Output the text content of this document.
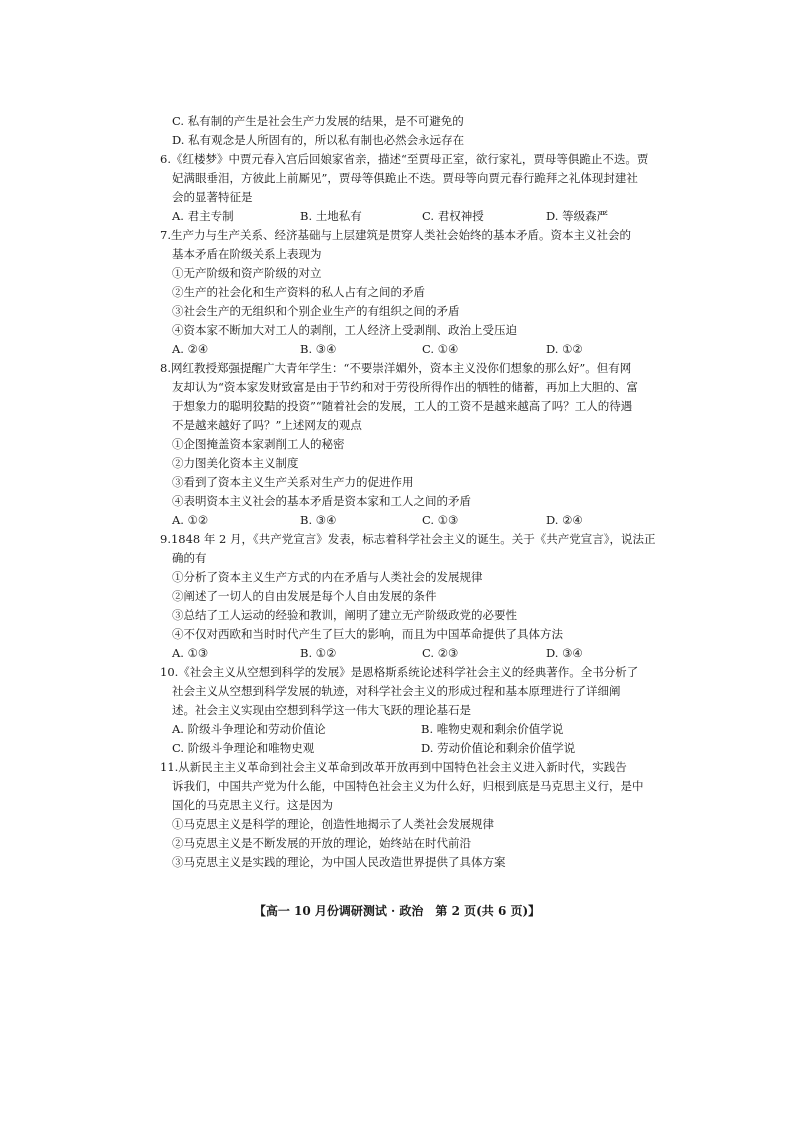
C. 私有制的产生是社会生产力发展的结果，是不可避免的
D. 私有观念是人所固有的，所以私有制也必然会永远存在
6.《红楼梦》中贾元春入宫后回娘家省亲，描述“至贾母正室，欲行家礼，贾母等俱跪止不迭。贾
妃满眼垂泪，方彼此上前厮见”，贾母等俱跪止不迭。贾母等向贾元春行跪拜之礼体现封建社
会的显著特征是
A. 君主专制	B. 土地私有	C. 君权神授	D. 等级森严
7.生产力与生产关系、经济基础与上层建筑是贯穿人类社会始终的基本矛盾。资本主义社会的
基本矛盾在阶级关系上表现为
①无产阶级和资产阶级的对立
②生产的社会化和生产资料的私人占有之间的矛盾
③社会生产的无组织和个别企业生产的有组织之间的矛盾
④资本家不断加大对工人的剥削，工人经济上受剥削、政治上受压迫
A. ②④	B. ③④	C. ①④	D. ①②
8.网红教授郑强提醒广大青年学生：“不要崇洋媚外，资本主义没你们想象的那么好”。但有网
友却认为“资本家发财致富是由于节约和对于劳役所得作出的牺牲的储蓄，再加上大胆的、富
于想象力的聪明狡黠的投资”“随着社会的发展，工人的工资不是越来越高了吗？工人的待遇
不是越来越好了吗？”上述网友的观点
①企图掩盖资本家剥削工人的秘密
②力图美化资本主义制度
③看到了资本主义生产关系对生产力的促进作用
④表明资本主义社会的基本矛盾是资本家和工人之间的矛盾
A. ①②	B. ③④	C. ①③	D. ②④
9.1848 年 2 月，《共产党宣言》发表，标志着科学社会主义的诞生。关于《共产党宣言》，说法正
确的有
①分析了资本主义生产方式的内在矛盾与人类社会的发展规律
②阐述了一切人的自由发展是每个人自由发展的条件
③总结了工人运动的经验和教训，阐明了建立无产阶级政党的必要性
④不仅对西欧和当时时代产生了巨大的影响，而且为中国革命提供了具体方法
A. ①③	B. ①②	C. ②③	D. ③④
10.《社会主义从空想到科学的发展》是恩格斯系统论述科学社会主义的经典著作。全书分析了
社会主义从空想到科学发展的轨迹，对科学社会主义的形成过程和基本原理进行了详细阐
述。社会主义实现由空想到科学这一伟大飞跃的理论基石是
A. 阶级斗争理论和劳动价值论	B. 唯物史观和剩余价值学说
C. 阶级斗争理论和唯物史观	D. 劳动价值论和剩余价值学说
11.从新民主主义革命到社会主义革命到改革开放再到中国特色社会主义进入新时代，实践告
诉我们，中国共产党为什么能，中国特色社会主义为什么好，归根到底是马克思主义行，是中
国化的马克思主义行。这是因为
①马克思主义是科学的理论，创造性地揭示了人类社会发展规律
②马克思主义是不断发展的开放的理论，始终站在时代前沿
③马克思主义是实践的理论，为中国人民改造世界提供了具体方案
【高一 10 月份调研测试 · 政治　第 2 页(共 6 页)】
